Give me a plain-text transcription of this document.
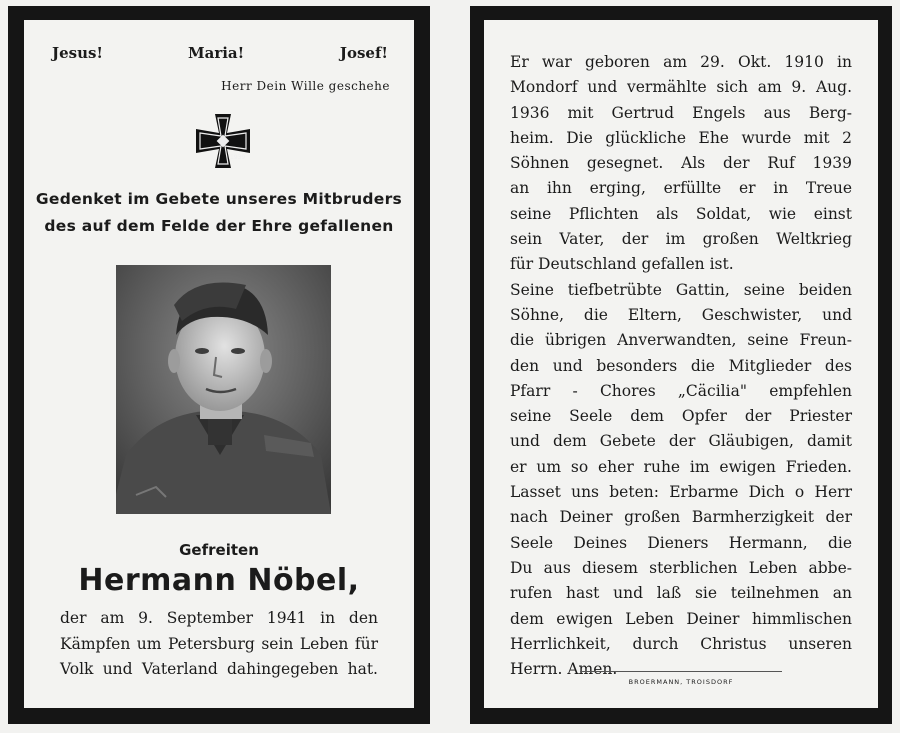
Jesus!	Maria!	Josef!
Herr Dein Wille geschehe
1939
Gedenket im Gebete unseres Mitbruders
des auf dem Felde der Ehre gefallenen
Gefreiten
Hermann Nöbel,
der am 9. September 1941 in den
Kämpfen um Petersburg sein Leben für
Volk und Vaterland dahingegeben hat.
Er war geboren am 29. Okt. 1910 in
Mondorf und vermählte sich am 9. Aug.
1936 mit Gertrud Engels aus Berg-
heim. Die glückliche Ehe wurde mit 2
Söhnen gesegnet. Als der Ruf 1939
an ihn erging, erfüllte er in Treue
seine Pflichten als Soldat, wie einst
sein Vater, der im großen Weltkrieg
für Deutschland gefallen ist.
Seine tiefbetrübte Gattin, seine beiden
Söhne, die Eltern, Geschwister, und
die übrigen Anverwandten, seine Freun-
den und besonders die Mitglieder des
Pfarr - Chores „Cäcilia" empfehlen
seine Seele dem Opfer der Priester
und dem Gebete der Gläubigen, damit
er um so eher ruhe im ewigen Frieden.
Lasset uns beten: Erbarme Dich o Herr
nach Deiner großen Barmherzigkeit der
Seele Deines Dieners Hermann, die
Du aus diesem sterblichen Leben abbe-
rufen hast und laß sie teilnehmen an
dem ewigen Leben Deiner himmlischen
Herrlichkeit, durch Christus unseren
Herrn. Amen.
BROERMANN, TROISDORF
